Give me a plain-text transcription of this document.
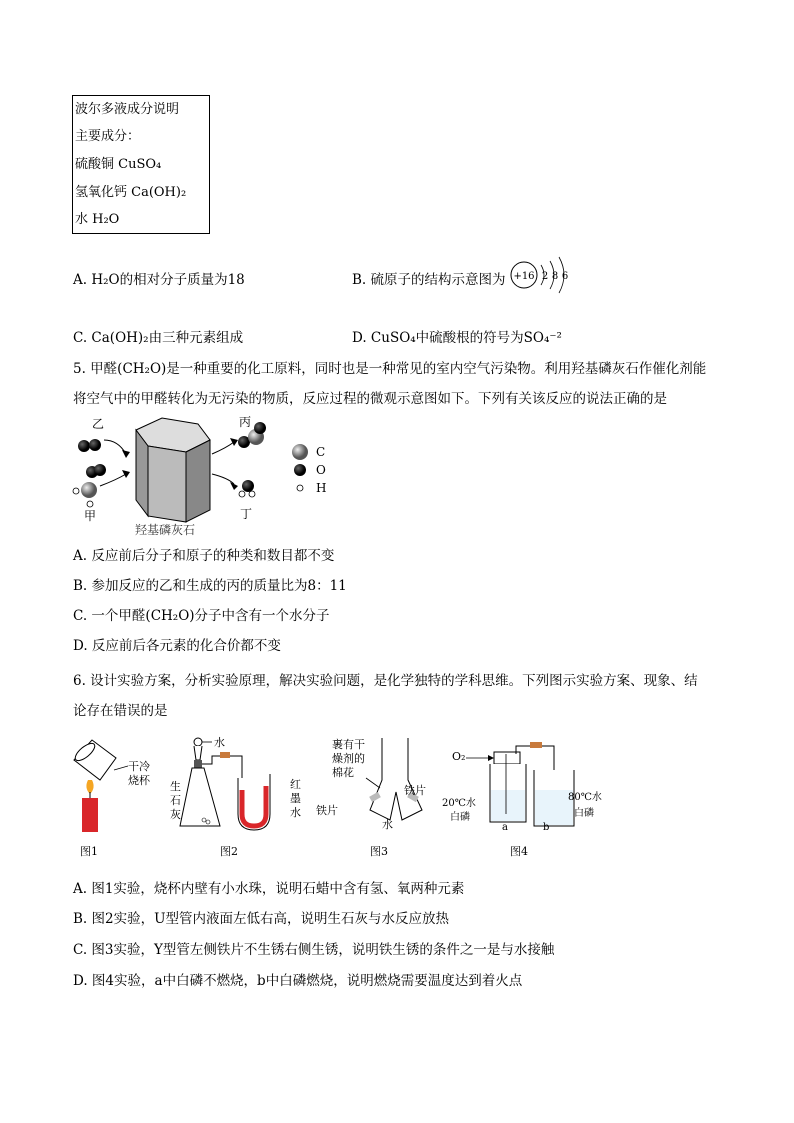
波尔多液成分说明
主要成分：
硫酸铜 CuSO₄
氢氧化钙 Ca(OH)₂
水 H₂O
A. H₂O的相对分子质量为18	B. 硫原子的结构示意图为 +16 2 8 6
C. Ca(OH)₂由三种元素组成	D. CuSO₄中硫酸根的符号为SO₄⁻²
5. 甲醛(CH₂O)是一种重要的化工原料，同时也是一种常见的室内空气污染物。利用羟基磷灰石作催化剂能
将空气中的甲醛转化为无污染的物质，反应过程的微观示意图如下。下列有关该反应的说法正确的是
乙
甲
羟基磷灰石
丙
丁
C
O
H
A. 反应前后分子和原子的种类和数目都不变
B. 参加反应的乙和生成的丙的质量比为8：11
C. 一个甲醛(CH₂O)分子中含有一个水分子
D. 反应前后各元素的化合价都不变
6. 设计实验方案，分析实验原理，解决实验问题，是化学独特的学科思维。下列图示实验方案、现象、结
论存在错误的是
干冷
烧杯
图1
水
生
石
灰
红
墨
水
图2
裹有干
燥剂的
棉花
铁片
铁片
水
图3
O₂
20℃水
白磷
80℃水
白磷
a	b
图4
A. 图1实验，烧杯内壁有小水珠，说明石蜡中含有氢、氧两种元素
B. 图2实验，U型管内液面左低右高，说明生石灰与水反应放热
C. 图3实验，Y型管左侧铁片不生锈右侧生锈，说明铁生锈的条件之一是与水接触
D. 图4实验，a中白磷不燃烧，b中白磷燃烧，说明燃烧需要温度达到着火点
